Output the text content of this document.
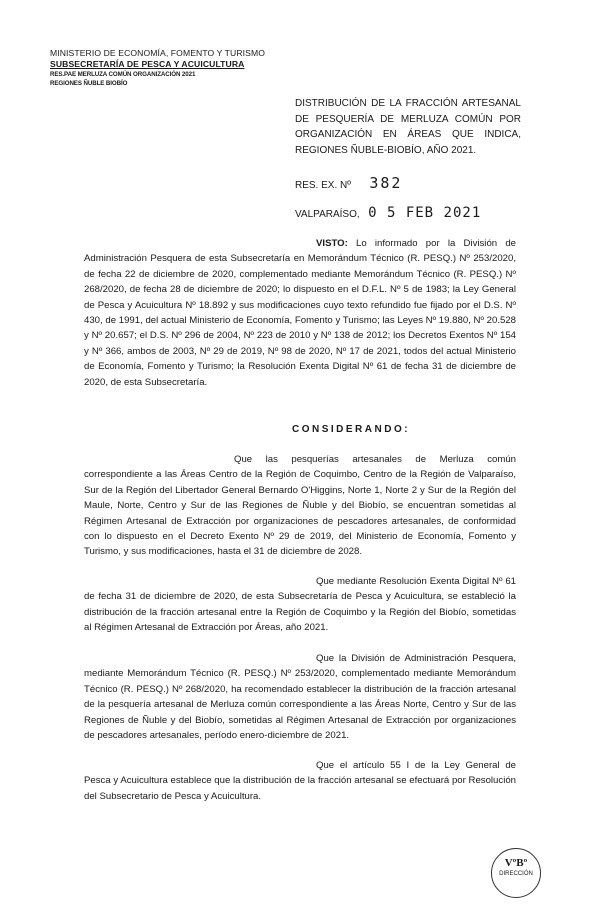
MINISTERIO DE ECONOMÍA, FOMENTO Y TURISMO
SUBSECRETARÍA DE PESCA Y ACUICULTURA
RES.PAE MERLUZA COMÚN ORGANIZACIÓN 2021
REGIONES ÑUBLE BIOBÍO
DISTRIBUCIÓN DE LA FRACCIÓN ARTESANAL DE PESQUERÍA DE MERLUZA COMÚN POR ORGANIZACIÓN EN ÁREAS QUE INDICA, REGIONES ÑUBLE-BIOBÍO, AÑO 2021.
RES. EX. Nº 382
VALPARAÍSO, 0 5 FEB 2021
VISTO: Lo informado por la División de Administración Pesquera de esta Subsecretaría en Memorándum Técnico (R. PESQ.) Nº 253/2020, de fecha 22 de diciembre de 2020, complementado mediante Memorándum Técnico (R. PESQ.) Nº 268/2020, de fecha 28 de diciembre de 2020; lo dispuesto en el D.F.L. Nº 5 de 1983; la Ley General de Pesca y Acuicultura Nº 18.892 y sus modificaciones cuyo texto refundido fue fijado por el D.S. Nº 430, de 1991, del actual Ministerio de Economía, Fomento y Turismo; las Leyes Nº 19.880, Nº 20.528 y Nº 20.657; el D.S. Nº 296 de 2004, Nº 223 de 2010 y Nº 138 de 2012; los Decretos Exentos Nº 154 y Nº 366, ambos de 2003, Nº 29 de 2019, Nº 98 de 2020, Nº 17 de 2021, todos del actual Ministerio de Economía, Fomento y Turismo; la Resolución Exenta Digital Nº 61 de fecha 31 de diciembre de 2020, de esta Subsecretaría.
CONSIDERANDO:
Que las pesquerías artesanales de Merluza común correspondiente a las Áreas Centro de la Región de Coquimbo, Centro de la Región de Valparaíso, Sur de la Región del Libertador General Bernardo O'Higgins, Norte 1, Norte 2 y Sur de la Región del Maule, Norte, Centro y Sur de las Regiones de Ñuble y del Biobío, se encuentran sometidas al Régimen Artesanal de Extracción por organizaciones de pescadores artesanales, de conformidad con lo dispuesto en el Decreto Exento Nº 29 de 2019, del Ministerio de Economía, Fomento y Turismo, y sus modificaciones, hasta el 31 de diciembre de 2028.
Que mediante Resolución Exenta Digital Nº 61 de fecha 31 de diciembre de 2020, de esta Subsecretaría de Pesca y Acuicultura, se estableció la distribución de la fracción artesanal entre la Región de Coquimbo y la Región del Biobío, sometidas al Régimen Artesanal de Extracción por Áreas, año 2021.
Que la División de Administración Pesquera, mediante Memorándum Técnico (R. PESQ.) Nº 253/2020, complementado mediante Memorándum Técnico (R. PESQ.) Nº 268/2020, ha recomendado establecer la distribución de la fracción artesanal de la pesquería artesanal de Merluza común correspondiente a las Áreas Norte, Centro y Sur de las Regiones de Ñuble y del Biobío, sometidas al Régimen Artesanal de Extracción por organizaciones de pescadores artesanales, período enero-diciembre de 2021.
Que el artículo 55 I de la Ley General de Pesca y Acuicultura establece que la distribución de la fracción artesanal se efectuará por Resolución del Subsecretario de Pesca y Acuicultura.
VºBº
DIRECCIÓN
